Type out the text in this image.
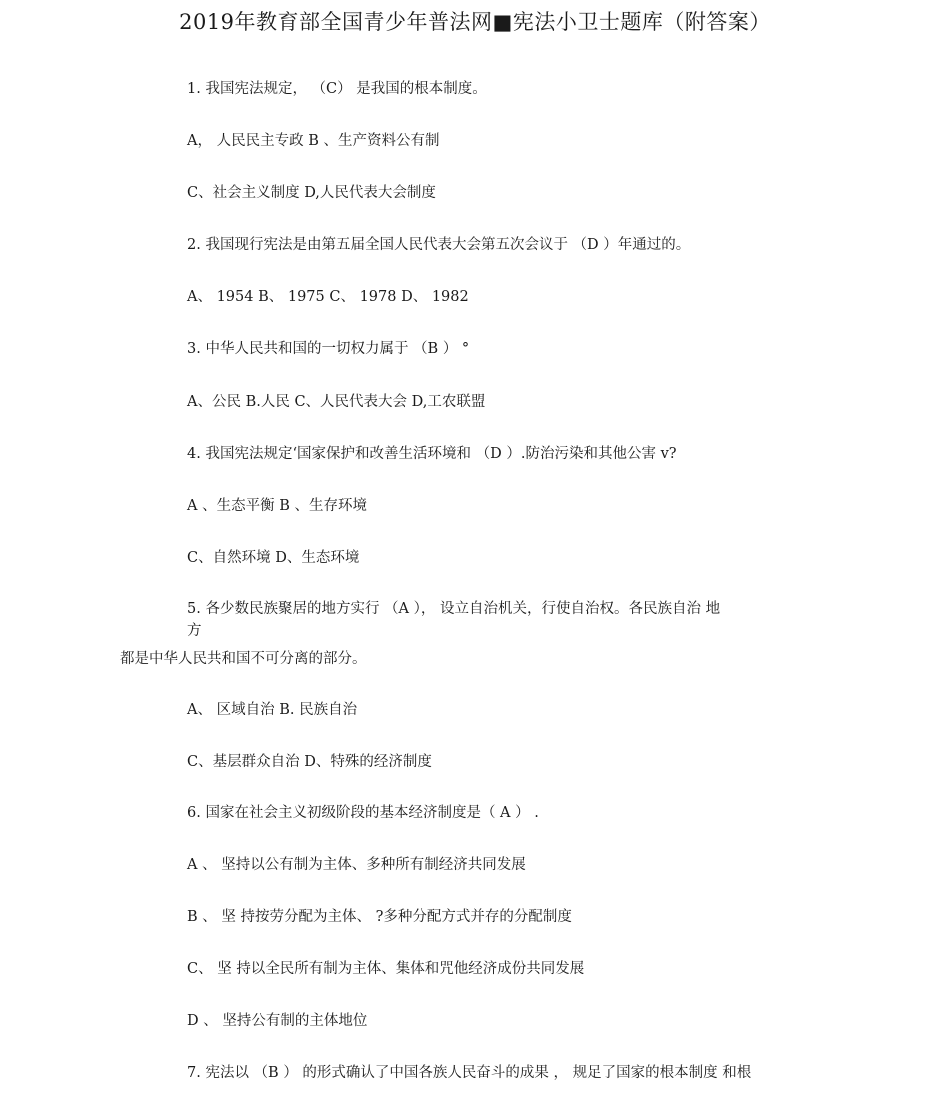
2019年教育部全国青少年普法网■宪法小卫士题库（附答案）
1. 我国宪法规定， （C） 是我国的根本制度。
A， 人民民主专政 B 、生产资料公有制
C、社会主义制度 D,人民代表大会制度
2. 我国现行宪法是由第五届全国人民代表大会第五次会议于 （D ）年通过的。
A、 1954 B、 1975 C、 1978 D、 1982
3. 中华人民共和国的一切权力属于 （B ） °
A、公民 B.人民 C、人民代表大会 D,工农联盟
4. 我国宪法规定‘国家保护和改善生活环境和 （D ）.防治污染和其他公害 v?
A 、生态平衡 B 、生存环境
C、自然环境 D、生态环境
5. 各少数民族聚居的地方实行 （A ）， 设立自治机关，行使自治权。各民族自治 地
方
都是中华人民共和国不可分离的部分。
A、 区域自治 B. 民族自治
C、基层群众自治 D、特殊的经济制度
6. 国家在社会主义初级阶段的基本经济制度是（ A ） .
A 、 坚持以公有制为主体、多种所有制经济共同发展
B 、 坚 持按劳分配为主体、 ?多种分配方式并存的分配制度
C、 坚 持以全民所有制为主体、集体和咒他经济成份共同发展
D 、 坚持公有制的主体地位
7. 宪法以 （B ） 的形式确认了中国各族人民奋斗的成果 ， 规足了国家的根本制度 和根
